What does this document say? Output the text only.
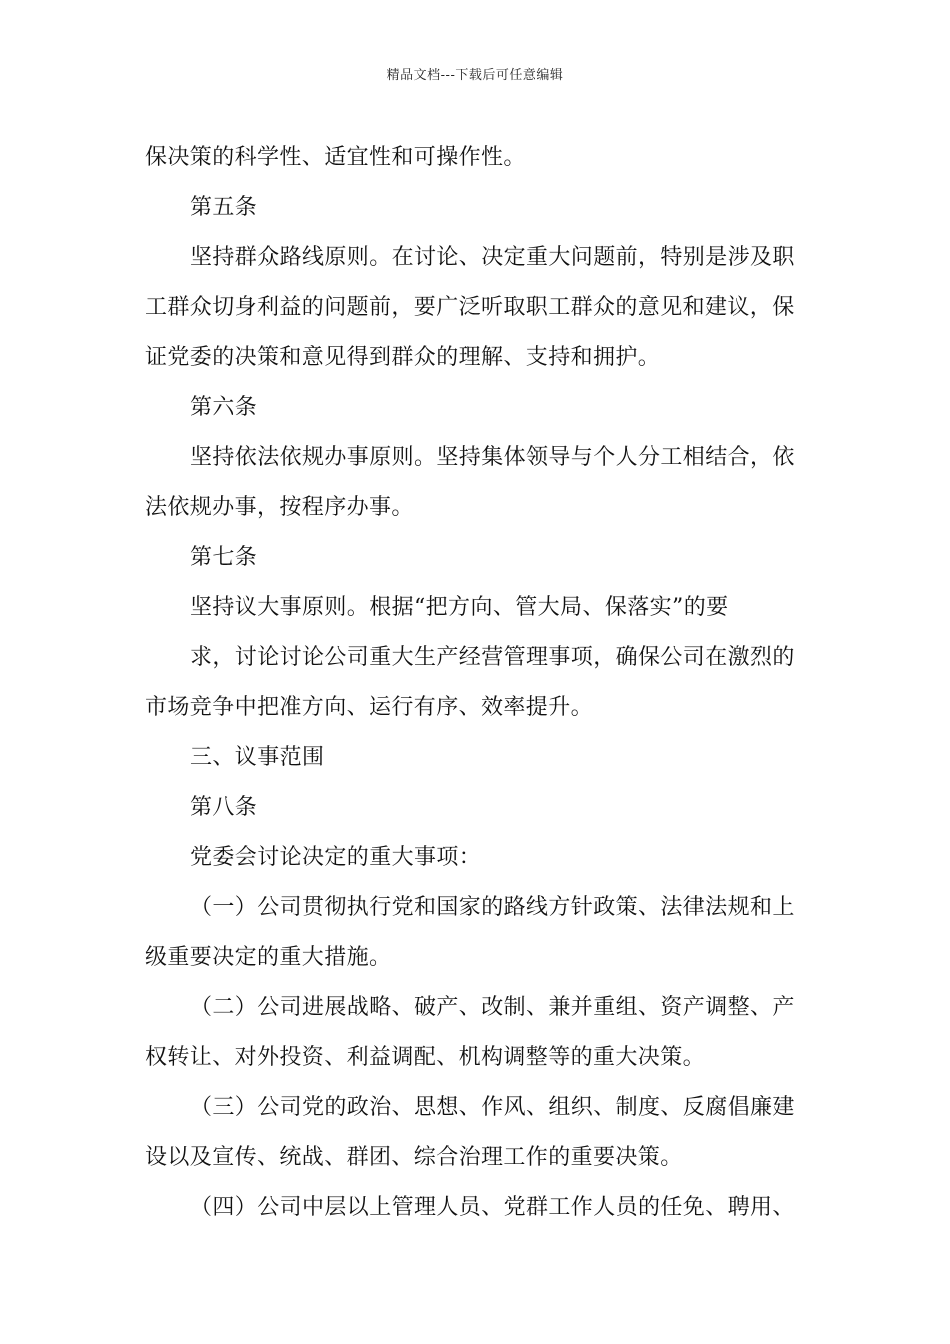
精品文档---下载后可任意编辑
保决策的科学性、适宜性和可操作性。
第五条
坚持群众路线原则。在讨论、决定重大问题前，特别是涉及职
工群众切身利益的问题前，要广泛听取职工群众的意见和建议，保
证党委的决策和意见得到群众的理解、支持和拥护。
第六条
坚持依法依规办事原则。坚持集体领导与个人分工相结合，依
法依规办事，按程序办事。
第七条
坚持议大事原则。根据“把方向、管大局、保落实”的要
求，讨论讨论公司重大生产经营管理事项，确保公司在激烈的
市场竞争中把准方向、运行有序、效率提升。
三、议事范围
第八条
党委会讨论决定的重大事项：
（一）公司贯彻执行党和国家的路线方针政策、法律法规和上
级重要决定的重大措施。
（二）公司进展战略、破产、改制、兼并重组、资产调整、产
权转让、对外投资、利益调配、机构调整等的重大决策。
（三）公司党的政治、思想、作风、组织、制度、反腐倡廉建
设以及宣传、统战、群团、综合治理工作的重要决策。
（四）公司中层以上管理人员、党群工作人员的任免、聘用、
